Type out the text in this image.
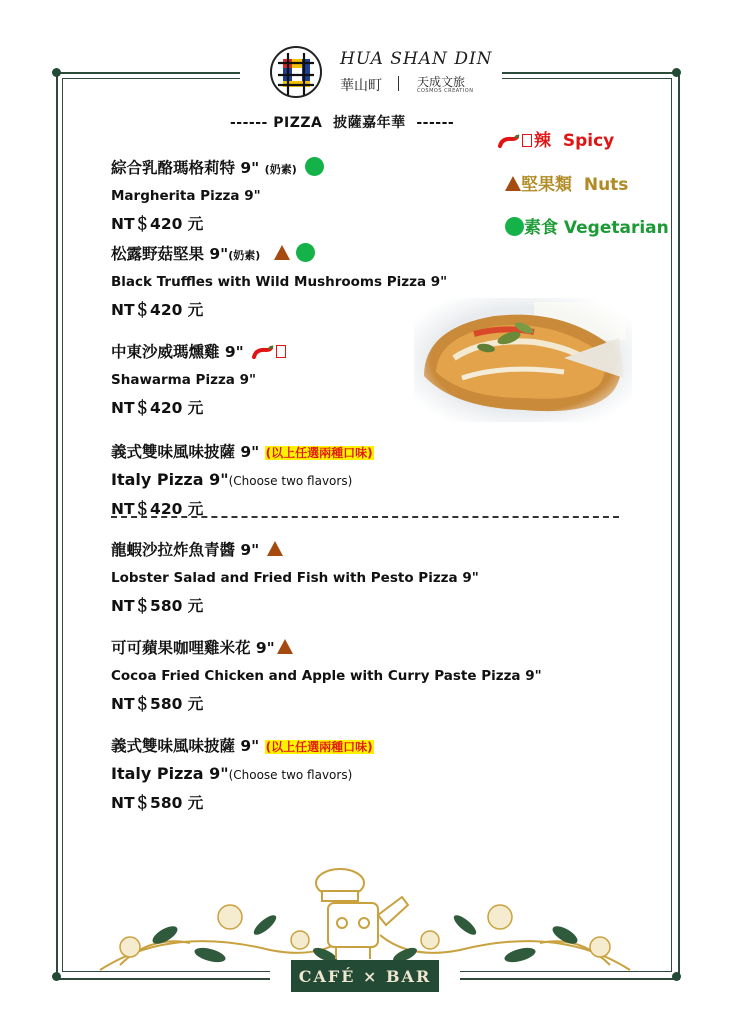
HUA SHAN DIN
華山町	天成文旅
COSMOS CREATION
------ PIZZA  披薩嘉年華  ------
辣 Spicy
堅果類 Nuts
素食 Vegetarian
綜合乳酪瑪格莉特 9" (奶素)
Margherita Pizza 9"
NT＄420 元
松露野菇堅果 9"(奶素)
Black Truffles with Wild Mushrooms Pizza 9"
NT＄420 元
中東沙威瑪燻雞 9"
Shawarma Pizza 9"
NT＄420 元
義式雙味風味披薩 9" (以上任選兩種口味)
Italy Pizza 9"(Choose two flavors)
NT＄420 元
龍蝦沙拉炸魚青醬 9"
Lobster Salad and Fried Fish with Pesto Pizza 9"
NT＄580 元
可可蘋果咖哩雞米花 9"
Cocoa Fried Chicken and Apple with Curry Paste Pizza 9"
NT＄580 元
義式雙味風味披薩 9" (以上任選兩種口味)
Italy Pizza 9"(Choose two flavors)
NT＄580 元
CAFÉ × BAR
